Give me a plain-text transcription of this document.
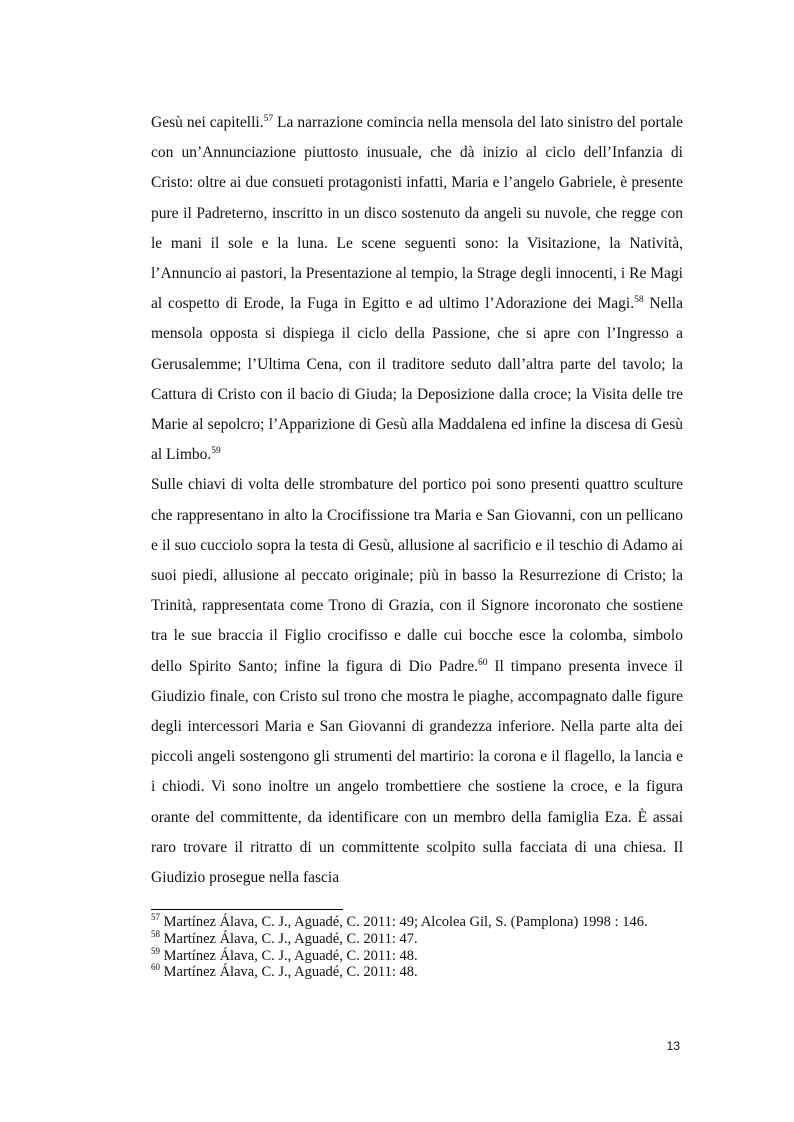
Gesù nei capitelli.$^{57}$ La narrazione comincia nella mensola del lato sinistro del portale con un’Annunciazione piuttosto inusuale, che dà inizio al ciclo dell’Infanzia di Cristo: oltre ai due consueti protagonisti infatti, Maria e l’angelo Gabriele, è presente pure il Padreterno, inscritto in un disco sostenuto da angeli su nuvole, che regge con le mani il sole e la luna. Le scene seguenti sono: la Visitazione, la Natività, l’Annuncio ai pastori, la Presentazione al tempio, la Strage degli innocenti, i Re Magi al cospetto di Erode, la Fuga in Egitto e ad ultimo l’Adorazione dei Magi.$^{58}$ Nella mensola opposta si dispiega il ciclo della Passione, che si apre con l’Ingresso a Gerusalemme; l’Ultima Cena, con il traditore seduto dall’altra parte del tavolo; la Cattura di Cristo con il bacio di Giuda; la Deposizione dalla croce; la Visita delle tre Marie al sepolcro; l’Apparizione di Gesù alla Maddalena ed infine la discesa di Gesù al Limbo.$^{59}$

Sulle chiavi di volta delle strombature del portico poi sono presenti quattro sculture che rappresentano in alto la Crocifissione tra Maria e San Giovanni, con un pellicano e il suo cucciolo sopra la testa di Gesù, allusione al sacrificio e il teschio di Adamo ai suoi piedi, allusione al peccato originale; più in basso la Resurrezione di Cristo; la Trinità, rappresentata come Trono di Grazia, con il Signore incoronato che sostiene tra le sue braccia il Figlio crocifisso e dalle cui bocche esce la colomba, simbolo dello Spirito Santo; infine la figura di Dio Padre.$^{60}$ Il timpano presenta invece il Giudizio finale, con Cristo sul trono che mostra le piaghe, accompagnato dalle figure degli intercessori Maria e San Giovanni di grandezza inferiore. Nella parte alta dei piccoli angeli sostengono gli strumenti del martirio: la corona e il flagello, la lancia e i chiodi. Vi sono inoltre un angelo trombettiere che sostiene la croce, e la figura orante del committente, da identificare con un membro della famiglia Eza. È assai raro trovare il ritratto di un committente scolpito sulla facciata di una chiesa. Il Giudizio prosegue nella fascia

$^{57}$ Martínez Álava, C. J., Aguadé, C. 2011: 49; Alcolea Gil, S. (Pamplona) 1998 : 146.

$^{58}$ Martínez Álava, C. J., Aguadé, C. 2011: 47.

$^{59}$ Martínez Álava, C. J., Aguadé, C. 2011: 48.

$^{60}$ Martínez Álava, C. J., Aguadé, C. 2011: 48.

13
